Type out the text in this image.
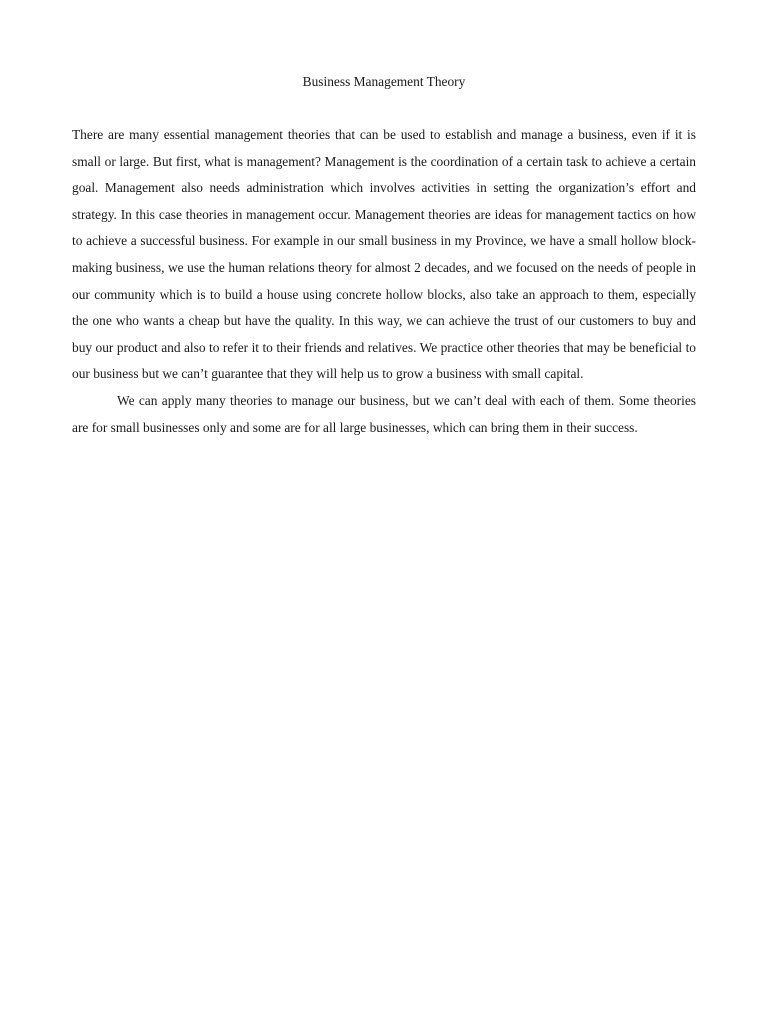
Business Management Theory

There are many essential management theories that can be used to establish and manage a business, even if it is small or large. But first, what is management? Management is the coordination of a certain task to achieve a certain goal. Management also needs administration which involves activities in setting the organization’s effort and strategy. In this case theories in management occur. Management theories are ideas for management tactics on how to achieve a successful business. For example in our small business in my Province, we have a small hollow block-making business, we use the human relations theory for almost 2 decades, and we focused on the needs of people in our community which is to build a house using concrete hollow blocks, also take an approach to them, especially the one who wants a cheap but have the quality. In this way, we can achieve the trust of our customers to buy and buy our product and also to refer it to their friends and relatives. We practice other theories that may be beneficial to our business but we can’t guarantee that they will help us to grow a business with small capital.

We can apply many theories to manage our business, but we can’t deal with each of them. Some theories are for small businesses only and some are for all large businesses, which can bring them in their success.
